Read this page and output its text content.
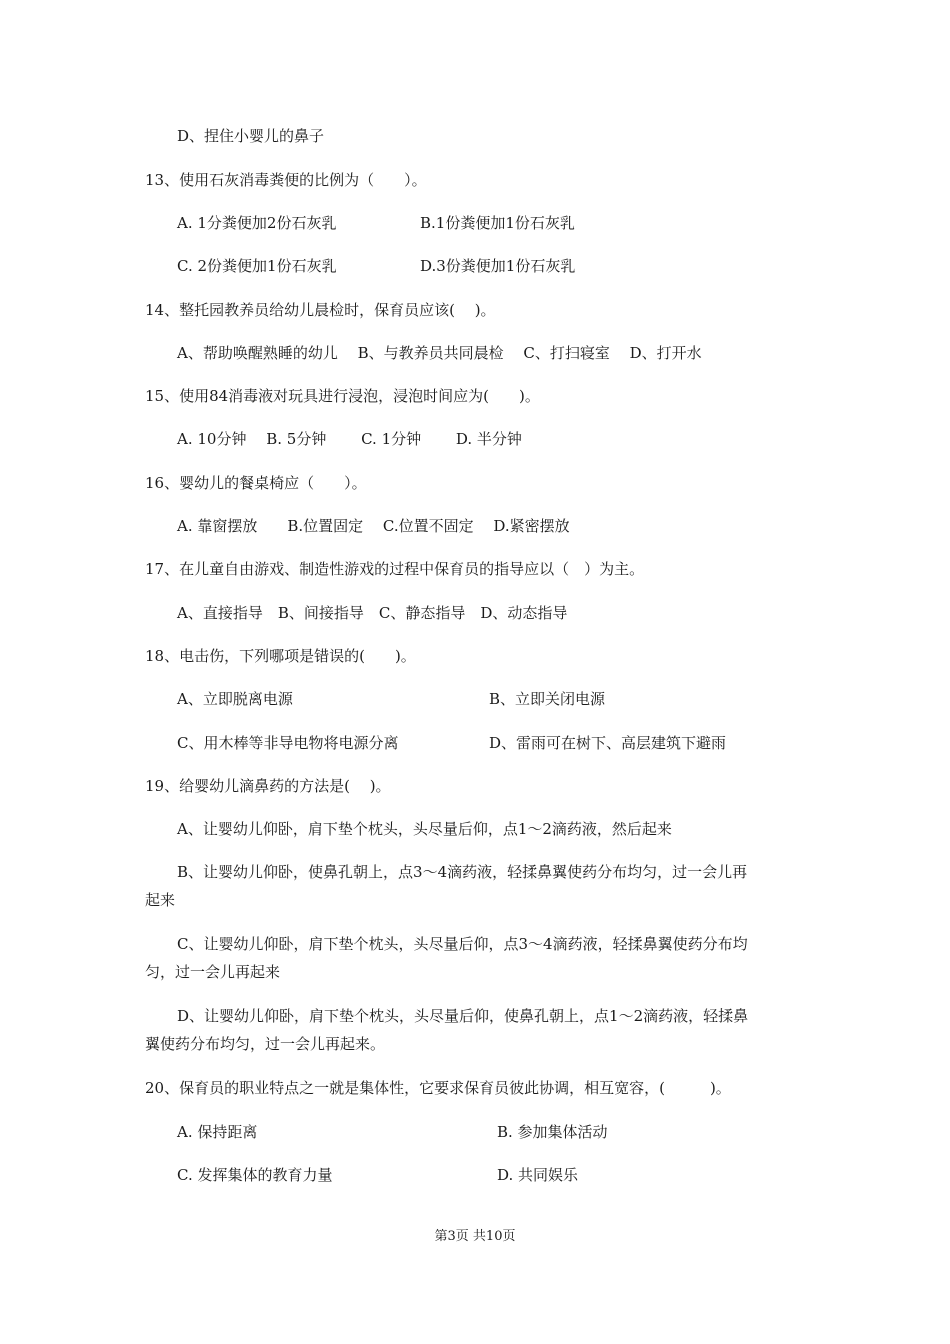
D、捏住小婴儿的鼻子
13、使用石灰消毒粪便的比例为（　　）。
A. 1分粪便加2份石灰乳	B.1份粪便加1份石灰乳
C. 2份粪便加1份石灰乳	D.3份粪便加1份石灰乳
14、整托园教养员给幼儿晨检时，保育员应该(　 )。
A、帮助唤醒熟睡的幼儿　 B、与教养员共同晨检　 C、打扫寝室　 D、打开水
15、使用84消毒液对玩具进行浸泡，浸泡时间应为(　　)。
A. 10分钟　 B. 5分钟　　 C. 1分钟　　 D. 半分钟
16、婴幼儿的餐桌椅应（　　）。
A. 靠窗摆放　　B.位置固定　 C.位置不固定　 D.紧密摆放
17、在儿童自由游戏、制造性游戏的过程中保育员的指导应以（　）为主。
A、直接指导　B、间接指导　C、静态指导　D、动态指导
18、电击伤，下列哪项是错误的(　　)。
A、立即脱离电源	B、立即关闭电源
C、用木棒等非导电物将电源分离	D、雷雨可在树下、高层建筑下避雨
19、给婴幼儿滴鼻药的方法是(　 )。
A、让婴幼儿仰卧，肩下垫个枕头，头尽量后仰，点1～2滴药液，然后起来
B、让婴幼儿仰卧，使鼻孔朝上，点3～4滴药液，轻揉鼻翼使药分布均匀，过一会儿再
起来
C、让婴幼儿仰卧，肩下垫个枕头，头尽量后仰，点3～4滴药液，轻揉鼻翼使药分布均
匀，过一会儿再起来
D、让婴幼儿仰卧，肩下垫个枕头，头尽量后仰，使鼻孔朝上，点1～2滴药液，轻揉鼻
翼使药分布均匀，过一会儿再起来。
20、保育员的职业特点之一就是集体性，它要求保育员彼此协调，相互宽容，(　　　)。
A. 保持距离	B. 参加集体活动
C. 发挥集体的教育力量	D. 共同娱乐
第3页 共10页
